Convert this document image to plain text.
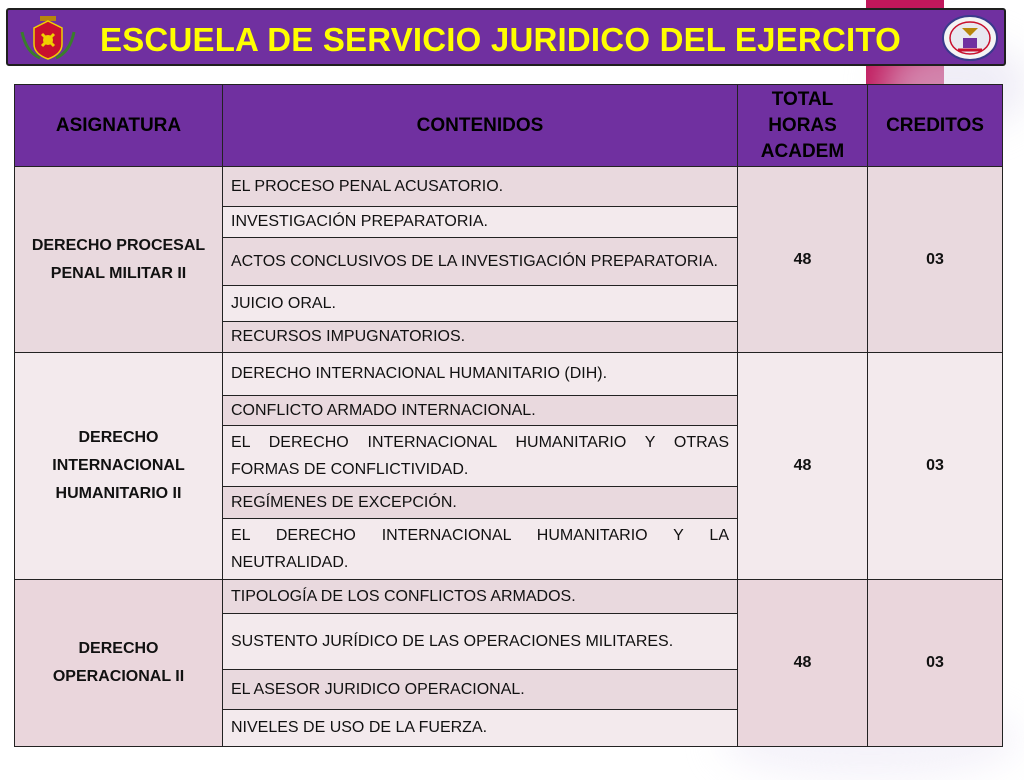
ESCUELA DE SERVICIO JURIDICO DEL EJERCITO
ASIGNATURA	CONTENIDOS	TOTAL HORAS ACADEM	CREDITOS
DERECHO PROCESAL PENAL MILITAR II	EL PROCESO PENAL ACUSATORIO.	48	03
	INVESTIGACIÓN PREPARATORIA.		
	ACTOS CONCLUSIVOS DE LA INVESTIGACIÓN PREPARATORIA.		
	JUICIO ORAL.		
	RECURSOS IMPUGNATORIOS.		
DERECHO INTERNACIONAL HUMANITARIO II	DERECHO INTERNACIONAL HUMANITARIO (DIH).	48	03
	CONFLICTO ARMADO INTERNACIONAL.		
	EL DERECHO INTERNACIONAL HUMANITARIO Y OTRAS FORMAS DE CONFLICTIVIDAD.		
	REGÍMENES DE EXCEPCIÓN.		
	EL DERECHO INTERNACIONAL HUMANITARIO Y LA NEUTRALIDAD.		
DERECHO OPERACIONAL II	TIPOLOGÍA DE LOS CONFLICTOS ARMADOS.	48	03
	SUSTENTO JURÍDICO DE LAS OPERACIONES MILITARES.		
	EL ASESOR JURIDICO OPERACIONAL.		
	NIVELES DE USO DE LA FUERZA.		
